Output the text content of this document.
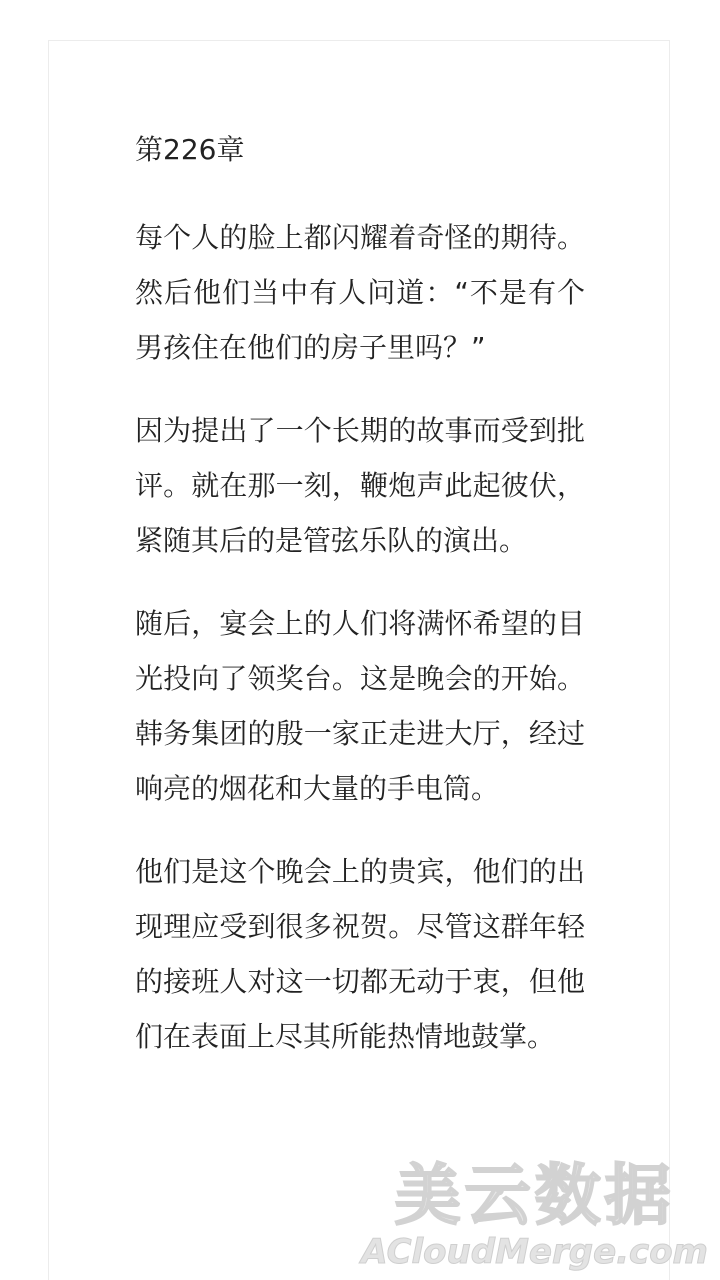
第226章

每个人的脸上都闪耀着奇怪的期待。然后他们当中有人问道：“不是有个男孩住在他们的房子里吗？”

因为提出了一个长期的故事而受到批评。就在那一刻，鞭炮声此起彼伏，紧随其后的是管弦乐队的演出。

随后，宴会上的人们将满怀希望的目光投向了领奖台。这是晚会的开始。韩务集团的殷一家正走进大厅，经过响亮的烟花和大量的手电筒。

他们是这个晚会上的贵宾，他们的出现理应受到很多祝贺。尽管这群年轻的接班人对这一切都无动于衷，但他们在表面上尽其所能热情地鼓掌。

美云数据
ACloudMerge.com
